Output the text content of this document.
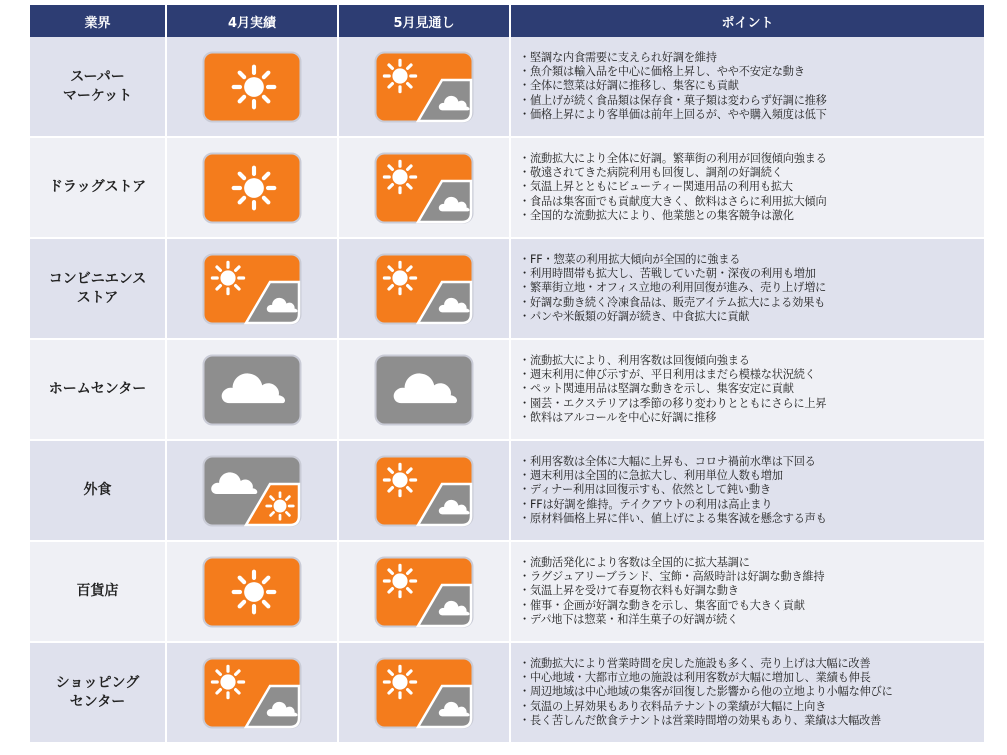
業界	4月実績	5月見通し	ポイント
スーパー
マーケット
・堅調な内食需要に支えられ好調を維持
・魚介類は輸入品を中心に価格上昇し、やや不安定な動き
・全体に惣菜は好調に推移し、集客にも貢献
・値上げが続く食品類は保存食・菓子類は変わらず好調に推移
・価格上昇により客単価は前年上回るが、やや購入頻度は低下
ドラッグストア
・流動拡大により全体に好調。繁華街の利用が回復傾向強まる
・敬遠されてきた病院利用も回復し、調剤の好調続く
・気温上昇とともにビューティー関連用品の利用も拡大
・食品は集客面でも貢献度大きく、飲料はさらに利用拡大傾向
・全国的な流動拡大により、他業態との集客競争は激化
コンビニエンス
ストア
・FF・惣菜の利用拡大傾向が全国的に強まる
・利用時間帯も拡大し、苦戦していた朝・深夜の利用も増加
・繁華街立地・オフィス立地の利用回復が進み、売り上げ増に
・好調な動き続く冷凍食品は、販売アイテム拡大による効果も
・パンや米飯類の好調が続き、中食拡大に貢献
ホームセンター
・流動拡大により、利用客数は回復傾向強まる
・週末利用に伸び示すが、平日利用はまだら模様な状況続く
・ペット関連用品は堅調な動きを示し、集客安定に貢献
・園芸・エクステリアは季節の移り変わりとともにさらに上昇
・飲料はアルコールを中心に好調に推移
外食
・利用客数は全体に大幅に上昇も、コロナ禍前水準は下回る
・週末利用は全国的に急拡大し、利用単位人数も増加
・ディナー利用は回復示すも、依然として鈍い動き
・FFは好調を維持。テイクアウトの利用は高止まり
・原材料価格上昇に伴い、値上げによる集客減を懸念する声も
百貨店
・流動活発化により客数は全国的に拡大基調に
・ラグジュアリーブランド、宝飾・高級時計は好調な動き維持
・気温上昇を受けて春夏物衣料も好調な動き
・催事・企画が好調な動きを示し、集客面でも大きく貢献
・デパ地下は惣菜・和洋生菓子の好調が続く
ショッピング
センター
・流動拡大により営業時間を戻した施設も多く、売り上げは大幅に改善
・中心地域・大都市立地の施設は利用客数が大幅に増加し、業績も伸長
・周辺地域は中心地域の集客が回復した影響から他の立地より小幅な伸びに
・気温の上昇効果もあり衣料品テナントの業績が大幅に上向き
・長く苦しんだ飲食テナントは営業時間増の効果もあり、業績は大幅改善
